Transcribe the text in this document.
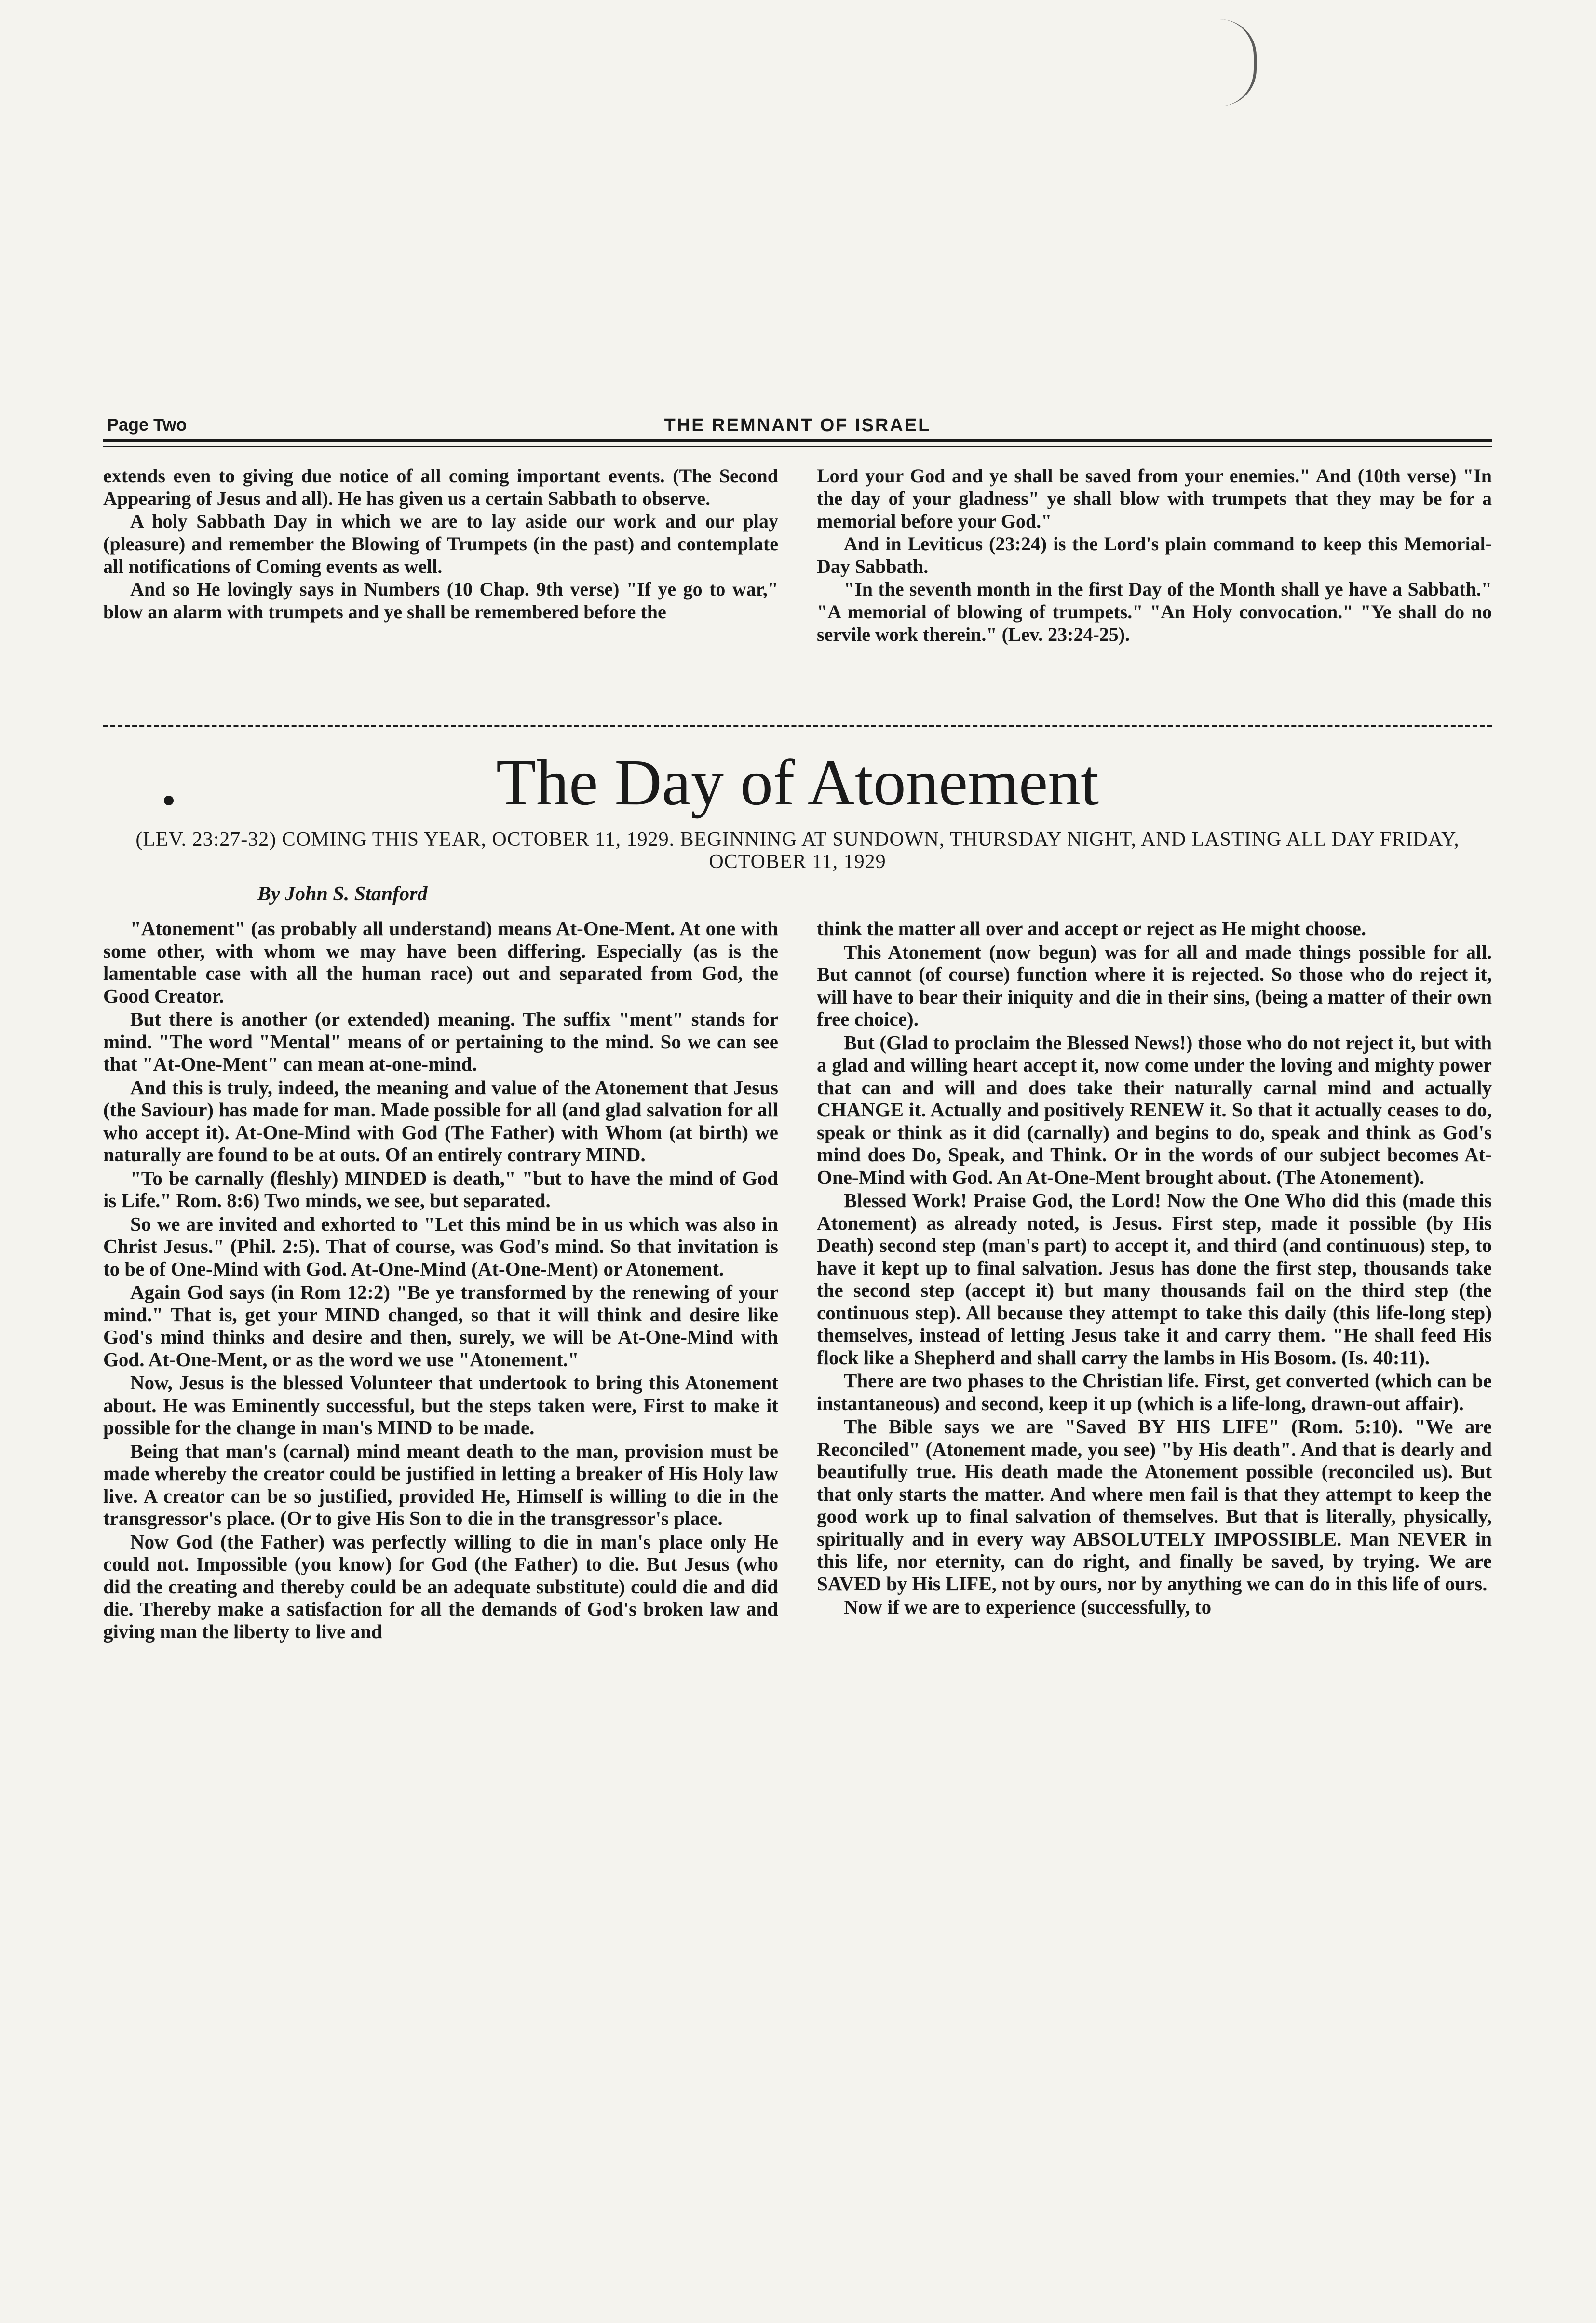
Page Two	THE REMNANT OF ISRAEL

extends even to giving due notice of all coming important events. (The Second Appearing of Jesus and all). He has given us a certain Sabbath to observe.

A holy Sabbath Day in which we are to lay aside our work and our play (pleasure) and remember the Blowing of Trumpets (in the past) and contemplate all notifications of Coming events as well.

And so He lovingly says in Numbers (10 Chap. 9th verse) "If ye go to war," blow an alarm with trumpets and ye shall be remembered before the

Lord your God and ye shall be saved from your enemies." And (10th verse) "In the day of your gladness" ye shall blow with trumpets that they may be for a memorial before your God."

And in Leviticus (23:24) is the Lord's plain command to keep this Memorial-Day Sabbath.

"In the seventh month in the first Day of the Month shall ye have a Sabbath." "A memorial of blowing of trumpets." "An Holy convocation." "Ye shall do no servile work therein." (Lev. 23:24-25).

The Day of Atonement
(LEV. 23:27-32) COMING THIS YEAR, OCTOBER 11, 1929. BEGINNING AT SUNDOWN, THURSDAY NIGHT, AND LASTING ALL DAY FRIDAY, OCTOBER 11, 1929
By John S. Stanford

"Atonement" (as probably all understand) means At-One-Ment. At one with some other, with whom we may have been differing. Especially (as is the lamentable case with all the human race) out and separated from God, the Good Creator.

But there is another (or extended) meaning. The suffix "ment" stands for mind. "The word "Mental" means of or pertaining to the mind. So we can see that "At-One-Ment" can mean at-one-mind.

And this is truly, indeed, the meaning and value of the Atonement that Jesus (the Saviour) has made for man. Made possible for all (and glad salvation for all who accept it). At-One-Mind with God (The Father) with Whom (at birth) we naturally are found to be at outs. Of an entirely contrary MIND.

"To be carnally (fleshly) MINDED is death," "but to have the mind of God is Life." Rom. 8:6) Two minds, we see, but separated.

So we are invited and exhorted to "Let this mind be in us which was also in Christ Jesus." (Phil. 2:5). That of course, was God's mind. So that invitation is to be of One-Mind with God. At-One-Mind (At-One-Ment) or Atonement.

Again God says (in Rom 12:2) "Be ye transformed by the renewing of your mind." That is, get your MIND changed, so that it will think and desire like God's mind thinks and desire and then, surely, we will be At-One-Mind with God. At-One-Ment, or as the word we use "Atonement."

Now, Jesus is the blessed Volunteer that undertook to bring this Atonement about. He was Eminently successful, but the steps taken were, First to make it possible for the change in man's MIND to be made.

Being that man's (carnal) mind meant death to the man, provision must be made whereby the creator could be justified in letting a breaker of His Holy law live. A creator can be so justified, provided He, Himself is willing to die in the transgressor's place. (Or to give His Son to die in the transgressor's place.

Now God (the Father) was perfectly willing to die in man's place only He could not. Impossible (you know) for God (the Father) to die. But Jesus (who did the creating and thereby could be an adequate substitute) could die and did die. Thereby make a satisfaction for all the demands of God's broken law and giving man the liberty to live and

think the matter all over and accept or reject as He might choose.

This Atonement (now begun) was for all and made things possible for all. But cannot (of course) function where it is rejected. So those who do reject it, will have to bear their iniquity and die in their sins, (being a matter of their own free choice).

But (Glad to proclaim the Blessed News!) those who do not reject it, but with a glad and willing heart accept it, now come under the loving and mighty power that can and will and does take their naturally carnal mind and actually CHANGE it. Actually and positively RENEW it. So that it actually ceases to do, speak or think as it did (carnally) and begins to do, speak and think as God's mind does Do, Speak, and Think. Or in the words of our subject becomes At-One-Mind with God. An At-One-Ment brought about. (The Atonement).

Blessed Work! Praise God, the Lord! Now the One Who did this (made this Atonement) as already noted, is Jesus. First step, made it possible (by His Death) second step (man's part) to accept it, and third (and continuous) step, to have it kept up to final salvation. Jesus has done the first step, thousands take the second step (accept it) but many thousands fail on the third step (the continuous step). All because they attempt to take this daily (this life-long step) themselves, instead of letting Jesus take it and carry them. "He shall feed His flock like a Shepherd and shall carry the lambs in His Bosom. (Is. 40:11).

There are two phases to the Christian life. First, get converted (which can be instantaneous) and second, keep it up (which is a life-long, drawn-out affair).

The Bible says we are "Saved BY HIS LIFE" (Rom. 5:10). "We are Reconciled" (Atonement made, you see) "by His death". And that is dearly and beautifully true. His death made the Atonement possible (reconciled us). But that only starts the matter. And where men fail is that they attempt to keep the good work up to final salvation of themselves. But that is literally, physically, spiritually and in every way ABSOLUTELY IMPOSSIBLE. Man NEVER in this life, nor eternity, can do right, and finally be saved, by trying. We are SAVED by His LIFE, not by ours, nor by anything we can do in this life of ours.

Now if we are to experience (successfully, to
